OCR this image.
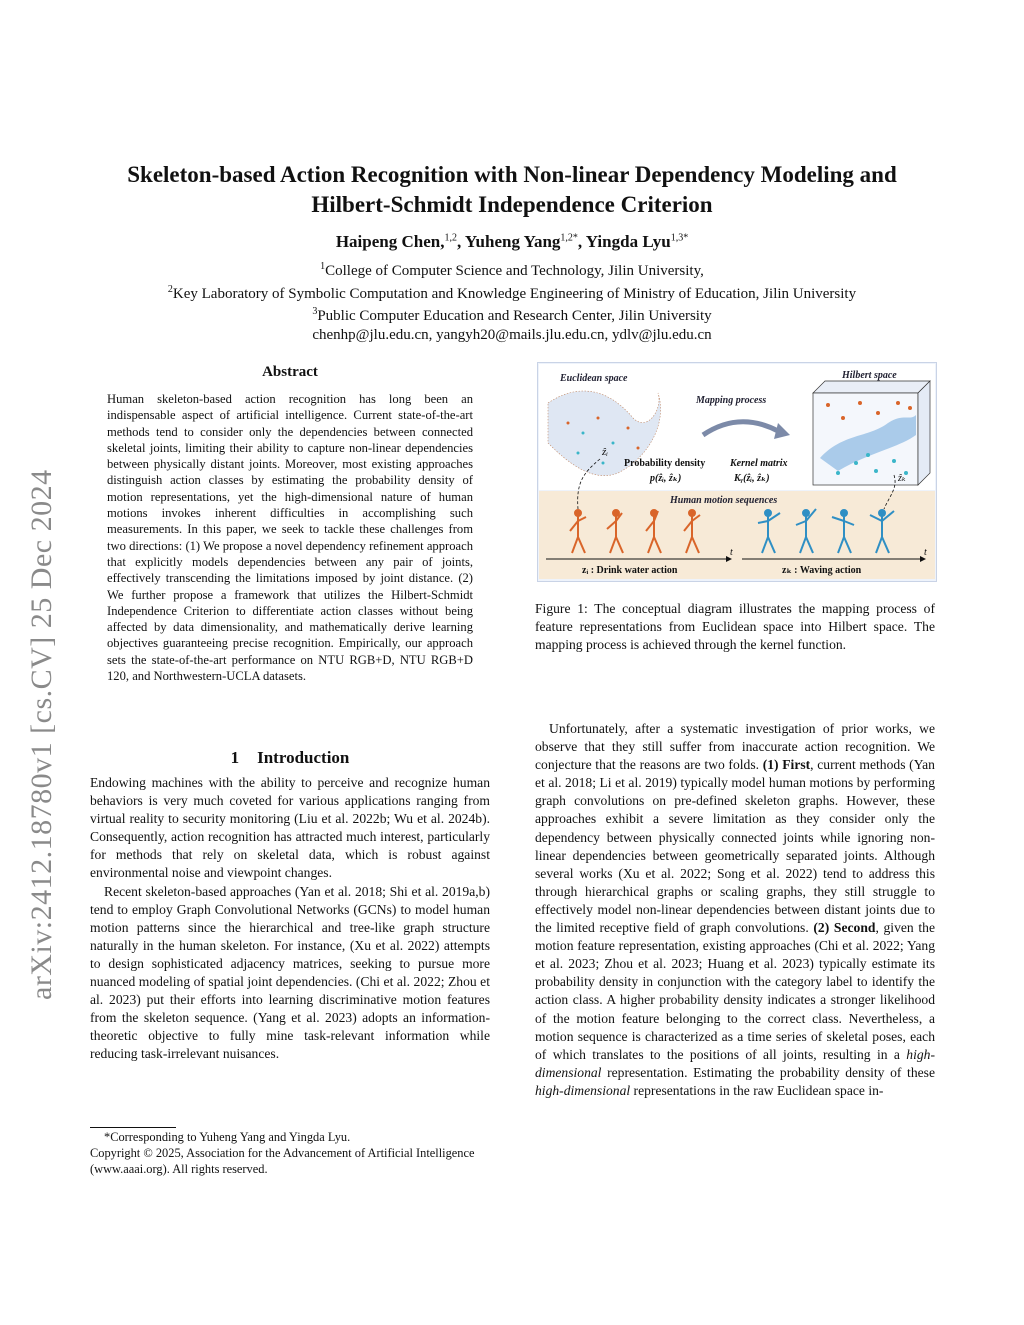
arXiv:2412.18780v1 [cs.CV] 25 Dec 2024
Skeleton-based Action Recognition with Non-linear Dependency Modeling and
Hilbert-Schmidt Independence Criterion
Haipeng Chen,$^{1,2}$, Yuheng Yang$^{1,2*}$, Yingda Lyu$^{1,3*}$
$^1$College of Computer Science and Technology, Jilin University,
$^2$Key Laboratory of Symbolic Computation and Knowledge Engineering of Ministry of Education, Jilin University
$^3$Public Computer Education and Research Center, Jilin University
chenhp@jlu.edu.cn, yangyh20@mails.jlu.edu.cn, ydlv@jlu.edu.cn
Abstract
Human skeleton-based action recognition has long been an indispensable aspect of artificial intelligence. Current state-of-the-art methods tend to consider only the dependencies between connected skeletal joints, limiting their ability to capture non-linear dependencies between physically distant joints. Moreover, most existing approaches distinguish action classes by estimating the probability density of motion representations, yet the high-dimensional nature of human motions invokes inherent difficulties in accomplishing such measurements. In this paper, we seek to tackle these challenges from two directions: (1) We propose a novel dependency refinement approach that explicitly models dependencies between any pair of joints, effectively transcending the limitations imposed by joint distance. (2) We further propose a framework that utilizes the Hilbert-Schmidt Independence Criterion to differentiate action classes without being affected by data dimensionality, and mathematically derive learning objectives guaranteeing precise recognition. Empirically, our approach sets the state-of-the-art performance on NTU RGB+D, NTU RGB+D 120, and Northwestern-UCLA datasets.
1 Introduction

Endowing machines with the ability to perceive and recognize human behaviors is very much coveted for various applications ranging from virtual reality to security monitoring (Liu et al. 2022b; Wu et al. 2024b). Consequently, action recognition has attracted much interest, particularly for methods that rely on skeletal data, which is robust against environmental noise and viewpoint changes.

Recent skeleton-based approaches (Yan et al. 2018; Shi et al. 2019a,b) tend to employ Graph Convolutional Networks (GCNs) to model human motion patterns since the hierarchical and tree-like graph structure naturally in the human skeleton. For instance, (Xu et al. 2022) attempts to design sophisticated adjacency matrices, seeking to pursue more nuanced modeling of spatial joint dependencies. (Chi et al. 2022; Zhou et al. 2023) put their efforts into learning discriminative motion features from the skeleton sequence. (Yang et al. 2023) adopts an information-theoretic objective to fully mine task-relevant information while reducing task-irrelevant nuisances.

*Corresponding to Yuheng Yang and Yingda Lyu.
Copyright © 2025, Association for the Advancement of Artificial Intelligence (www.aaai.org). All rights reserved.
Euclidean space
ẑᵢ
Mapping process
Hilbert space
ẑₖ
Probability density
p(ẑᵢ, ẑₖ)
Kernel matrix
Kᵧ(ẑᵢ, ẑₖ)
Human motion sequences
t	t
zᵢ : Drink water action	zₖ : Waving action
Figure 1: The conceptual diagram illustrates the mapping process of feature representations from Euclidean space into Hilbert space. The mapping process is achieved through the kernel function.

Unfortunately, after a systematic investigation of prior works, we observe that they still suffer from inaccurate action recognition. We conjecture that the reasons are two folds. (1) First, current methods (Yan et al. 2018; Li et al. 2019) typically model human motions by performing graph convolutions on pre-defined skeleton graphs. However, these approaches exhibit a severe limitation as they consider only the dependency between physically connected joints while ignoring non-linear dependencies between geometrically separated joints. Although several works (Xu et al. 2022; Song et al. 2022) tend to address this through hierarchical graphs or scaling graphs, they still struggle to effectively model non-linear dependencies between distant joints due to the limited receptive field of graph convolutions. (2) Second, given the motion feature representation, existing approaches (Chi et al. 2022; Yang et al. 2023; Zhou et al. 2023; Huang et al. 2023) typically estimate its probability density in conjunction with the category label to identify the action class. A higher probability density indicates a stronger likelihood of the motion feature belonging to the correct class. Nevertheless, a motion sequence is characterized as a time series of skeletal poses, each of which translates to the positions of all joints, resulting in a high-dimensional representation. Estimating the probability density of these high-dimensional representations in the raw Euclidean space in-
